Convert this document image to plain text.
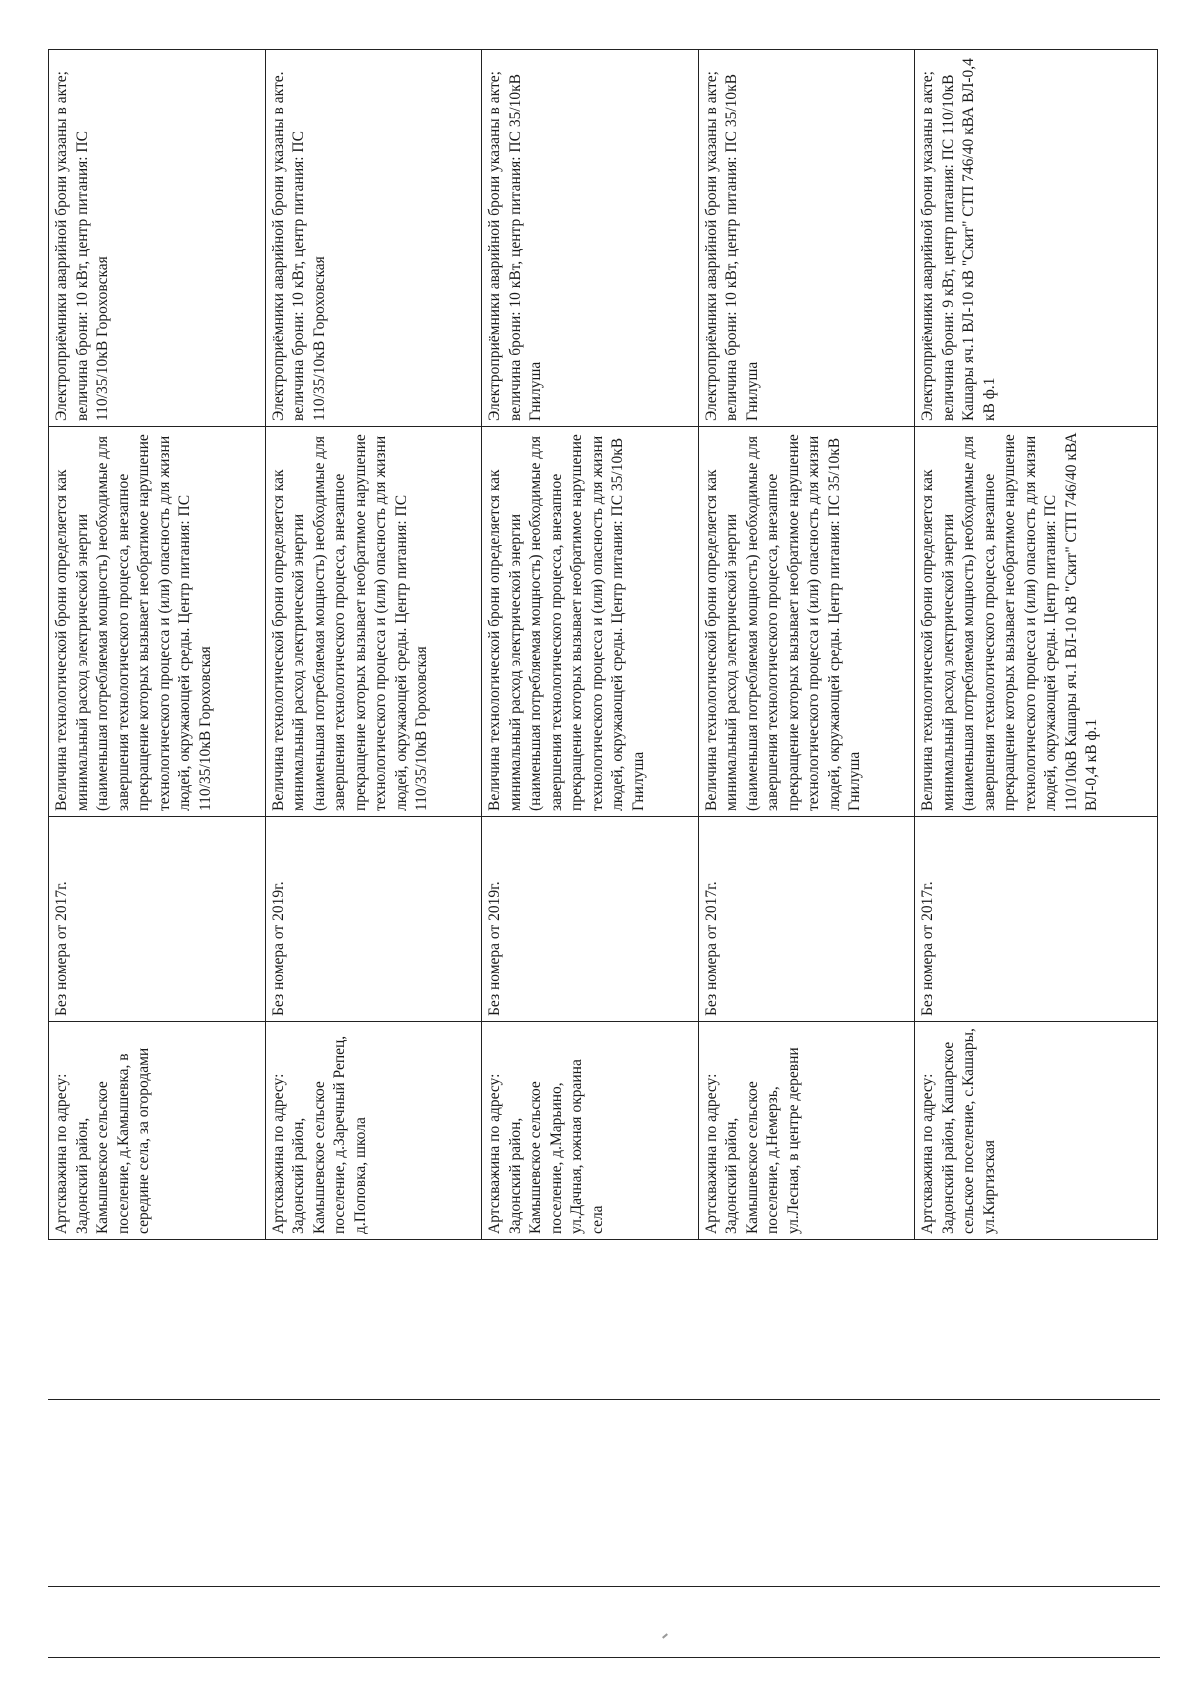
Артскважина по адресу: Задонский район, Камышевское сельское поселение, д.Камышевка, в середине села, за огородами	Без номера от 2017г.	Величина технологической брони определяется как минимальный расход электрической энергии (наименьшая потребляемая мощность) необходимые для завершения технологического процесса, внезапное прекращение которых вызывает необратимое нарушение технологического процесса и (или) опасность для жизни людей, окружающей среды. Центр питания: ПС 110/35/10кВ Гороховская	Электроприёмники аварийной брони указаны в акте; величина брони: 10 кВт, центр питания: ПС 110/35/10кВ Гороховская

Артскважина по адресу: Задонский район, Камышевское сельское поселение, д.Заречный Репец, д.Поповка, школа	Без номера от 2019г.	Величина технологической брони определяется как минимальный расход электрической энергии (наименьшая потребляемая мощность) необходимые для завершения технологического процесса, внезапное прекращение которых вызывает необратимое нарушение технологического процесса и (или) опасность для жизни людей, окружающей среды. Центр питания: ПС 110/35/10кВ Гороховская	Электроприёмники аварийной брони указаны в акте. величина брони: 10 кВт, центр питания: ПС 110/35/10кВ Гороховская

Артскважина по адресу: Задонский район, Камышевское сельское поселение, д.Марьино, ул.Дачная, южная окраина села	Без номера от 2019г.	Величина технологической брони определяется как минимальный расход электрической энергии (наименьшая потребляемая мощность) необходимые для завершения технологического процесса, внезапное прекращение которых вызывает необратимое нарушение технологического процесса и (или) опасность для жизни людей, окружающей среды. Центр питания: ПС 35/10кВ Гнилуша	Электроприёмники аварийной брони указаны в акте; величина брони: 10 кВт, центр питания: ПС 35/10кВ Гнилуша

Артскважина по адресу: Задонский район, Камышевское сельское поселение, д.Немерзь, ул.Лесная, в центре деревни	Без номера от 2017г.	Величина технологической брони определяется как минимальный расход электрической энергии (наименьшая потребляемая мощность) необходимые для завершения технологического процесса, внезапное прекращение которых вызывает необратимое нарушение технологического процесса и (или) опасность для жизни людей, окружающей среды. Центр питания: ПС 35/10кВ Гнилуша	Электроприёмники аварийной брони указаны в акте; величина брони: 10 кВт, центр питания: ПС 35/10кВ Гнилуша

Артскважина по адресу: Задонский район, Кашарское сельское поселение, с.Кашары, ул.Киргизская	Без номера от 2017г.	Величина технологической брони определяется как минимальный расход электрической энергии (наименьшая потребляемая мощность) необходимые для завершения технологического процесса, внезапное прекращение которых вызывает необратимое нарушение технологического процесса и (или) опасность для жизни людей, окружающей среды. Центр питания: ПС 110/10кВ Кашары яч.1 ВЛ-10 кВ "Скит" СТП 746/40 кВА ВЛ-0,4 кВ ф.1	Электроприёмники аварийной брони указаны в акте; величина брони: 9 кВт, центр питания: ПС 110/10кВ Кашары яч.1 ВЛ-10 кВ "Скит" СТП 746/40 кВА ВЛ-0,4 кВ ф.1
